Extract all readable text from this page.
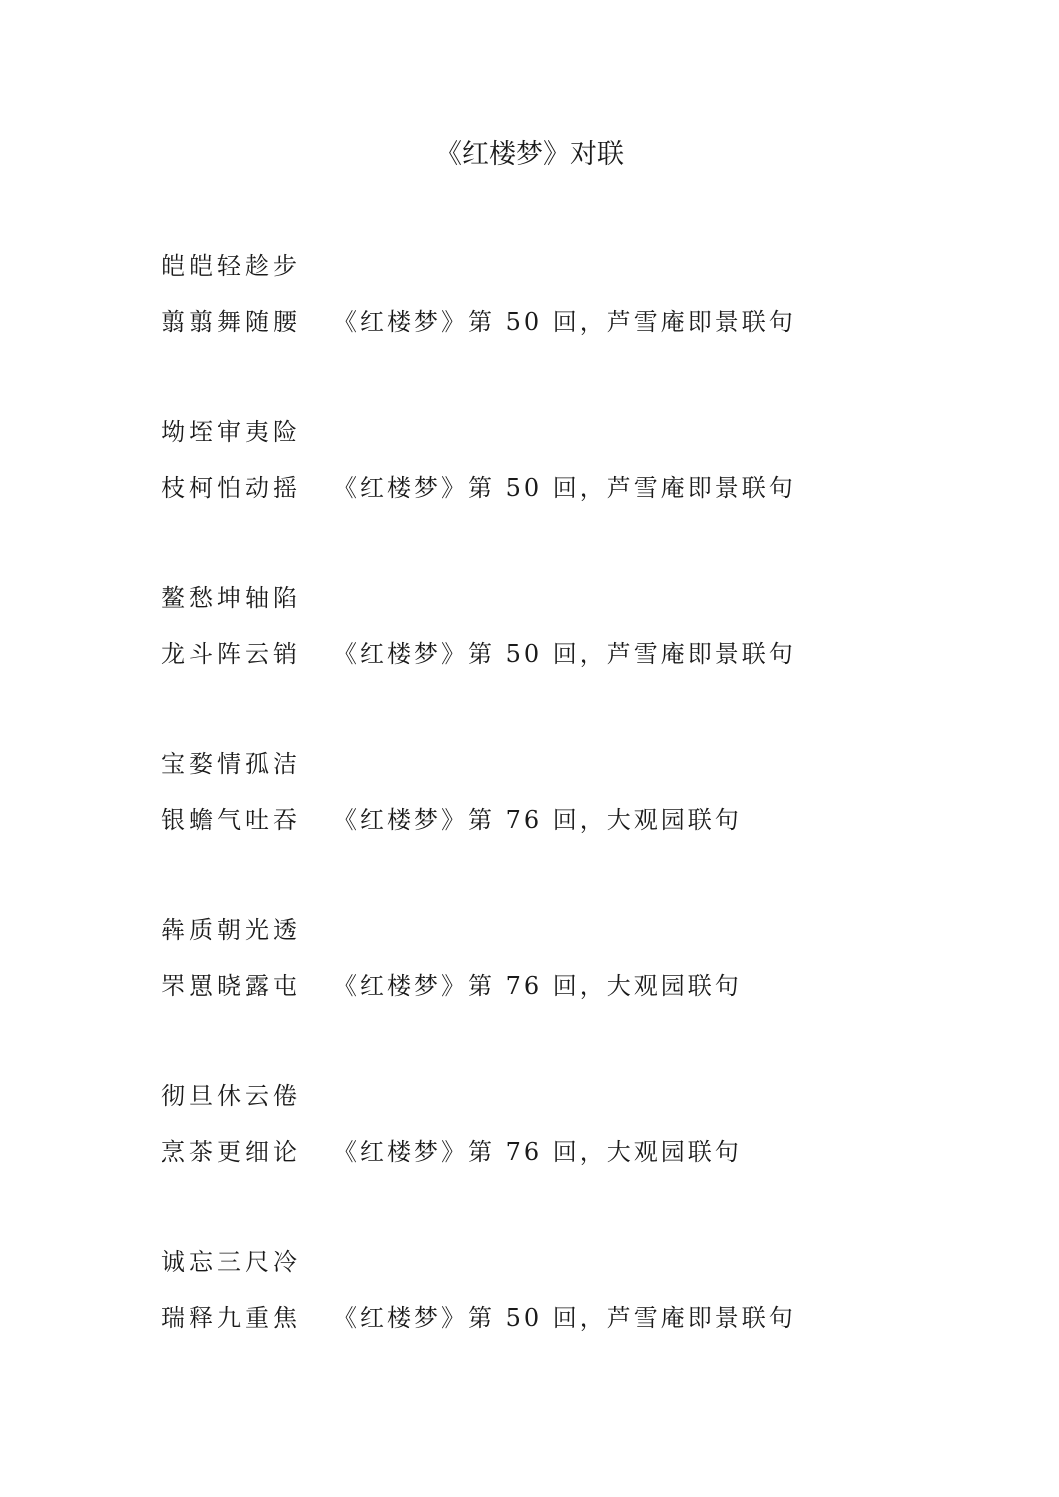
《红楼梦》对联
皑皑轻趁步
翦翦舞随腰 《红楼梦》第 50 回，芦雪庵即景联句
坳垤审夷险
枝柯怕动摇 《红楼梦》第 50 回，芦雪庵即景联句
鳌愁坤轴陷
龙斗阵云销 《红楼梦》第 50 回，芦雪庵即景联句
宝婺情孤洁
银蟾气吐吞 《红楼梦》第 76 回，大观园联句
犇质朝光透
罘罳晓露屯 《红楼梦》第 76 回，大观园联句
彻旦休云倦
烹茶更细论 《红楼梦》第 76 回，大观园联句
诚忘三尺冷
瑞释九重焦 《红楼梦》第 50 回，芦雪庵即景联句
